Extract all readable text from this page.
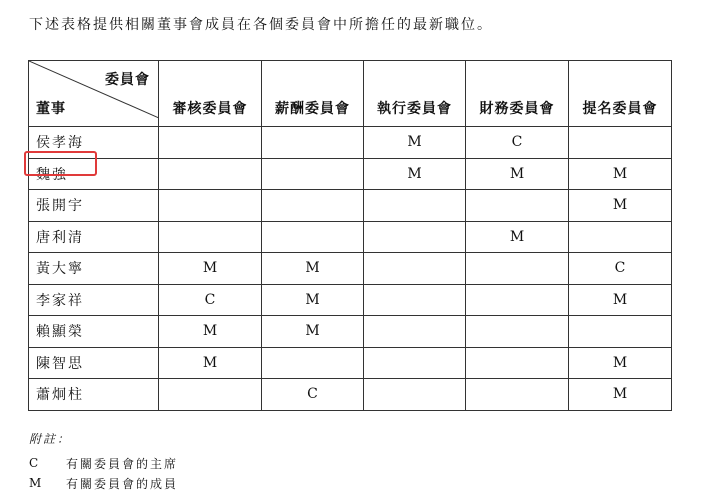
下述表格提供相關董事會成員在各個委員會中所擔任的最新職位。
委員會
董事	審核委員會	薪酬委員會	執行委員會	財務委員會	提名委員會
侯孝海			M	C	
魏強			M	M	M
張開宇					M
唐利清				M	
黃大寧	M	M			C
李家祥	C	M			M
賴顯榮	M	M			
陳智思	M				M
蕭炯柱		C			M
附註：
C	有關委員會的主席
M	有關委員會的成員
